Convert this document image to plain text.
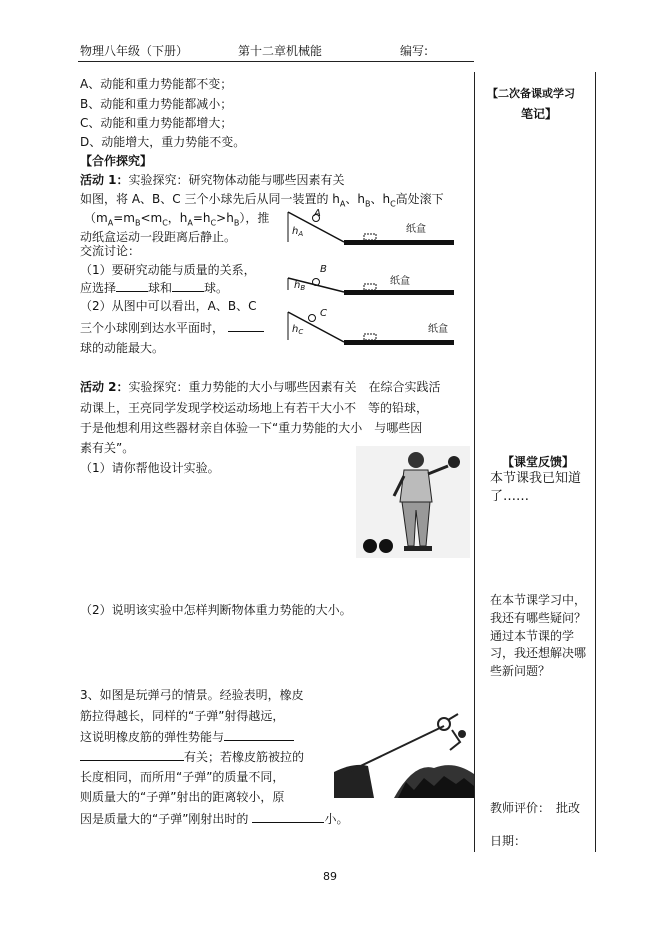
物理八年级（下册）	第十二章机械能	编写:
A、动能和重力势能都不变；
B、动能和重力势能都减小；
C、动能和重力势能都增大；
D、动能增大，重力势能不变。
【合作探究】
活动 1：实验探究：研究物体动能与哪些因素有关
如图，将 A、B、C 三个小球先后从同一装置的 $h_A$、$h_B$、$h_C$高处滚下
（$m_A=m_B<m_C$，$h_A=h_C>h_B$），推
动纸盒运动一段距离后静止。
交流讨论：
（1）要研究动能与质量的关系，
应选择	球和	球。
（2）从图中可以看出，A、B、C
三个小球刚到达水平面时，
球的动能最大。
A
纸盒
$h_A$
B
纸盒
$h_B$
C
纸盒
$h_C$
活动 2：实验探究：重力势能的大小与哪些因素有关　在综合实践活
动课上，王亮同学发现学校运动场地上有若干大小不　等的铅球，
于是他想利用这些器材亲自体验一下“重力势能的大小　与哪些因
素有关”。
（1）请你帮他设计实验。
（2）说明该实验中怎样判断物体重力势能的大小。
3、如图是玩弹弓的情景。经验表明，橡皮
筋拉得越长，同样的“子弹”射得越远，
这说明橡皮筋的弹性势能与
有关；若橡皮筋被拉的
长度相同，而所用“子弹”的质量不同，
则质量大的“子弹”射出的距离较小，原
因是质量大的“子弹”刚射出时的	小。
【二次备课或学习
笔记】
【课堂反馈】
本节课我已知道
了……
在本节课学习中，
我还有哪些疑问？
通过本节课的学
习，我还想解决哪
些新问题？
教师评价：　批改
日期：
89
